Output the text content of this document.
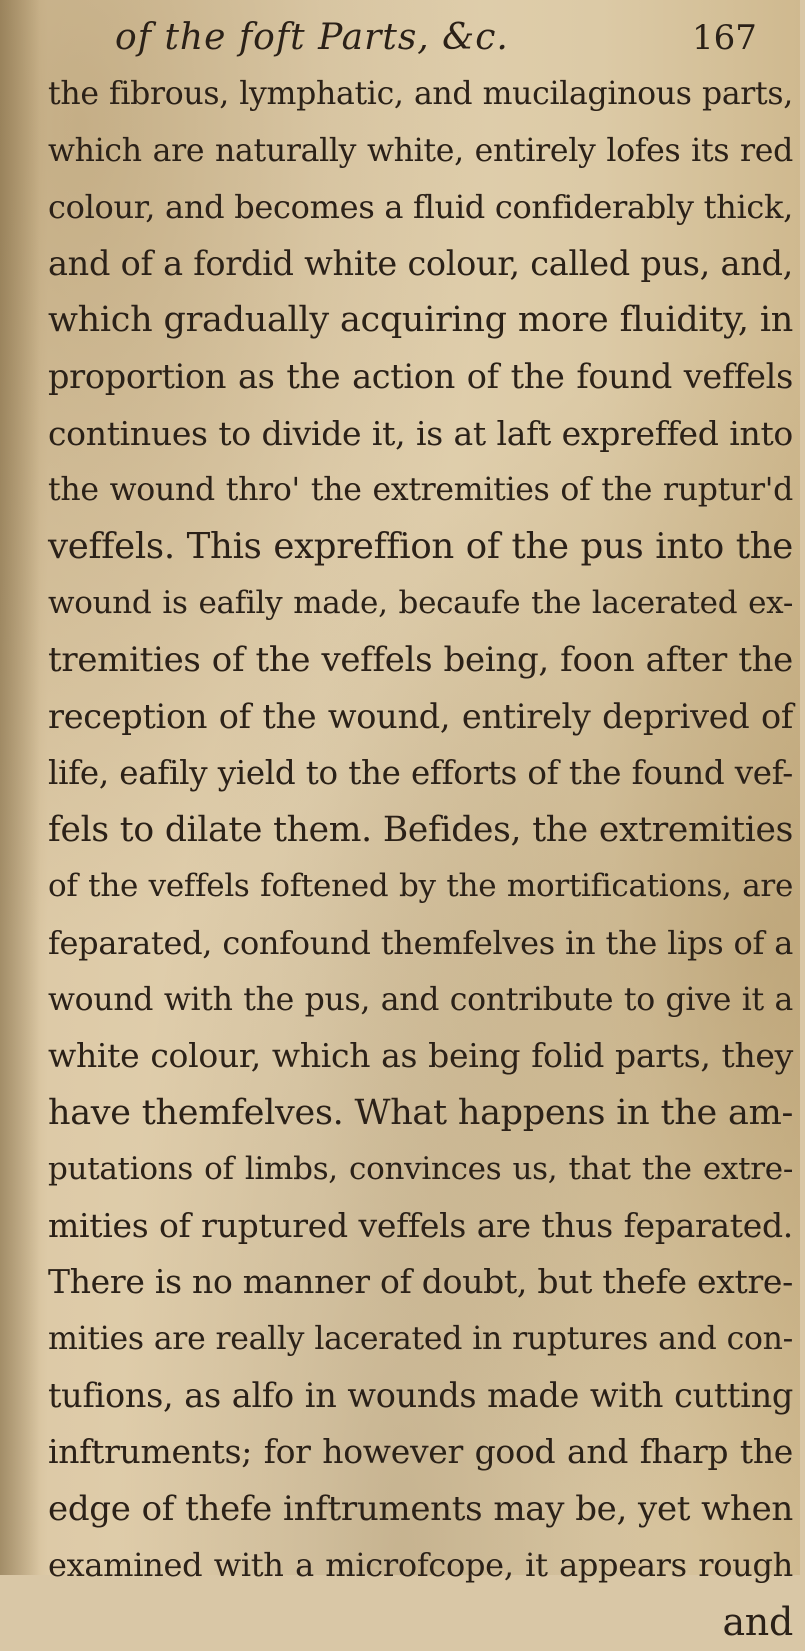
of the foft Parts, &c.	167
the fibrous, lymphatic, and mucilaginous parts,
which are naturally white, entirely lofes its red
colour, and becomes a fluid confiderably thick,
and of a fordid white colour, called pus, and,
which gradually acquiring more fluidity, in
proportion as the action of the found veffels
continues to divide it, is at laft expreffed into
the wound thro' the extremities of the ruptur'd
veffels. This expreffion of the pus into the
wound is eafily made, becaufe the lacerated ex-
tremities of the veffels being, foon after the
reception of the wound, entirely deprived of
life, eafily yield to the efforts of the found vef-
fels to dilate them. Befides, the extremities
of the veffels foftened by the mortifications, are
feparated, confound themfelves in the lips of a
wound with the pus, and contribute to give it a
white colour, which as being folid parts, they
have themfelves. What happens in the am-
putations of limbs, convinces us, that the extre-
mities of ruptured veffels are thus feparated.
There is no manner of doubt, but thefe extre-
mities are really lacerated in ruptures and con-
tufions, as alfo in wounds made with cutting
inftruments; for however good and fharp the
edge of thefe inftruments may be, yet when
examined with a microfcope, it appears rough
and
